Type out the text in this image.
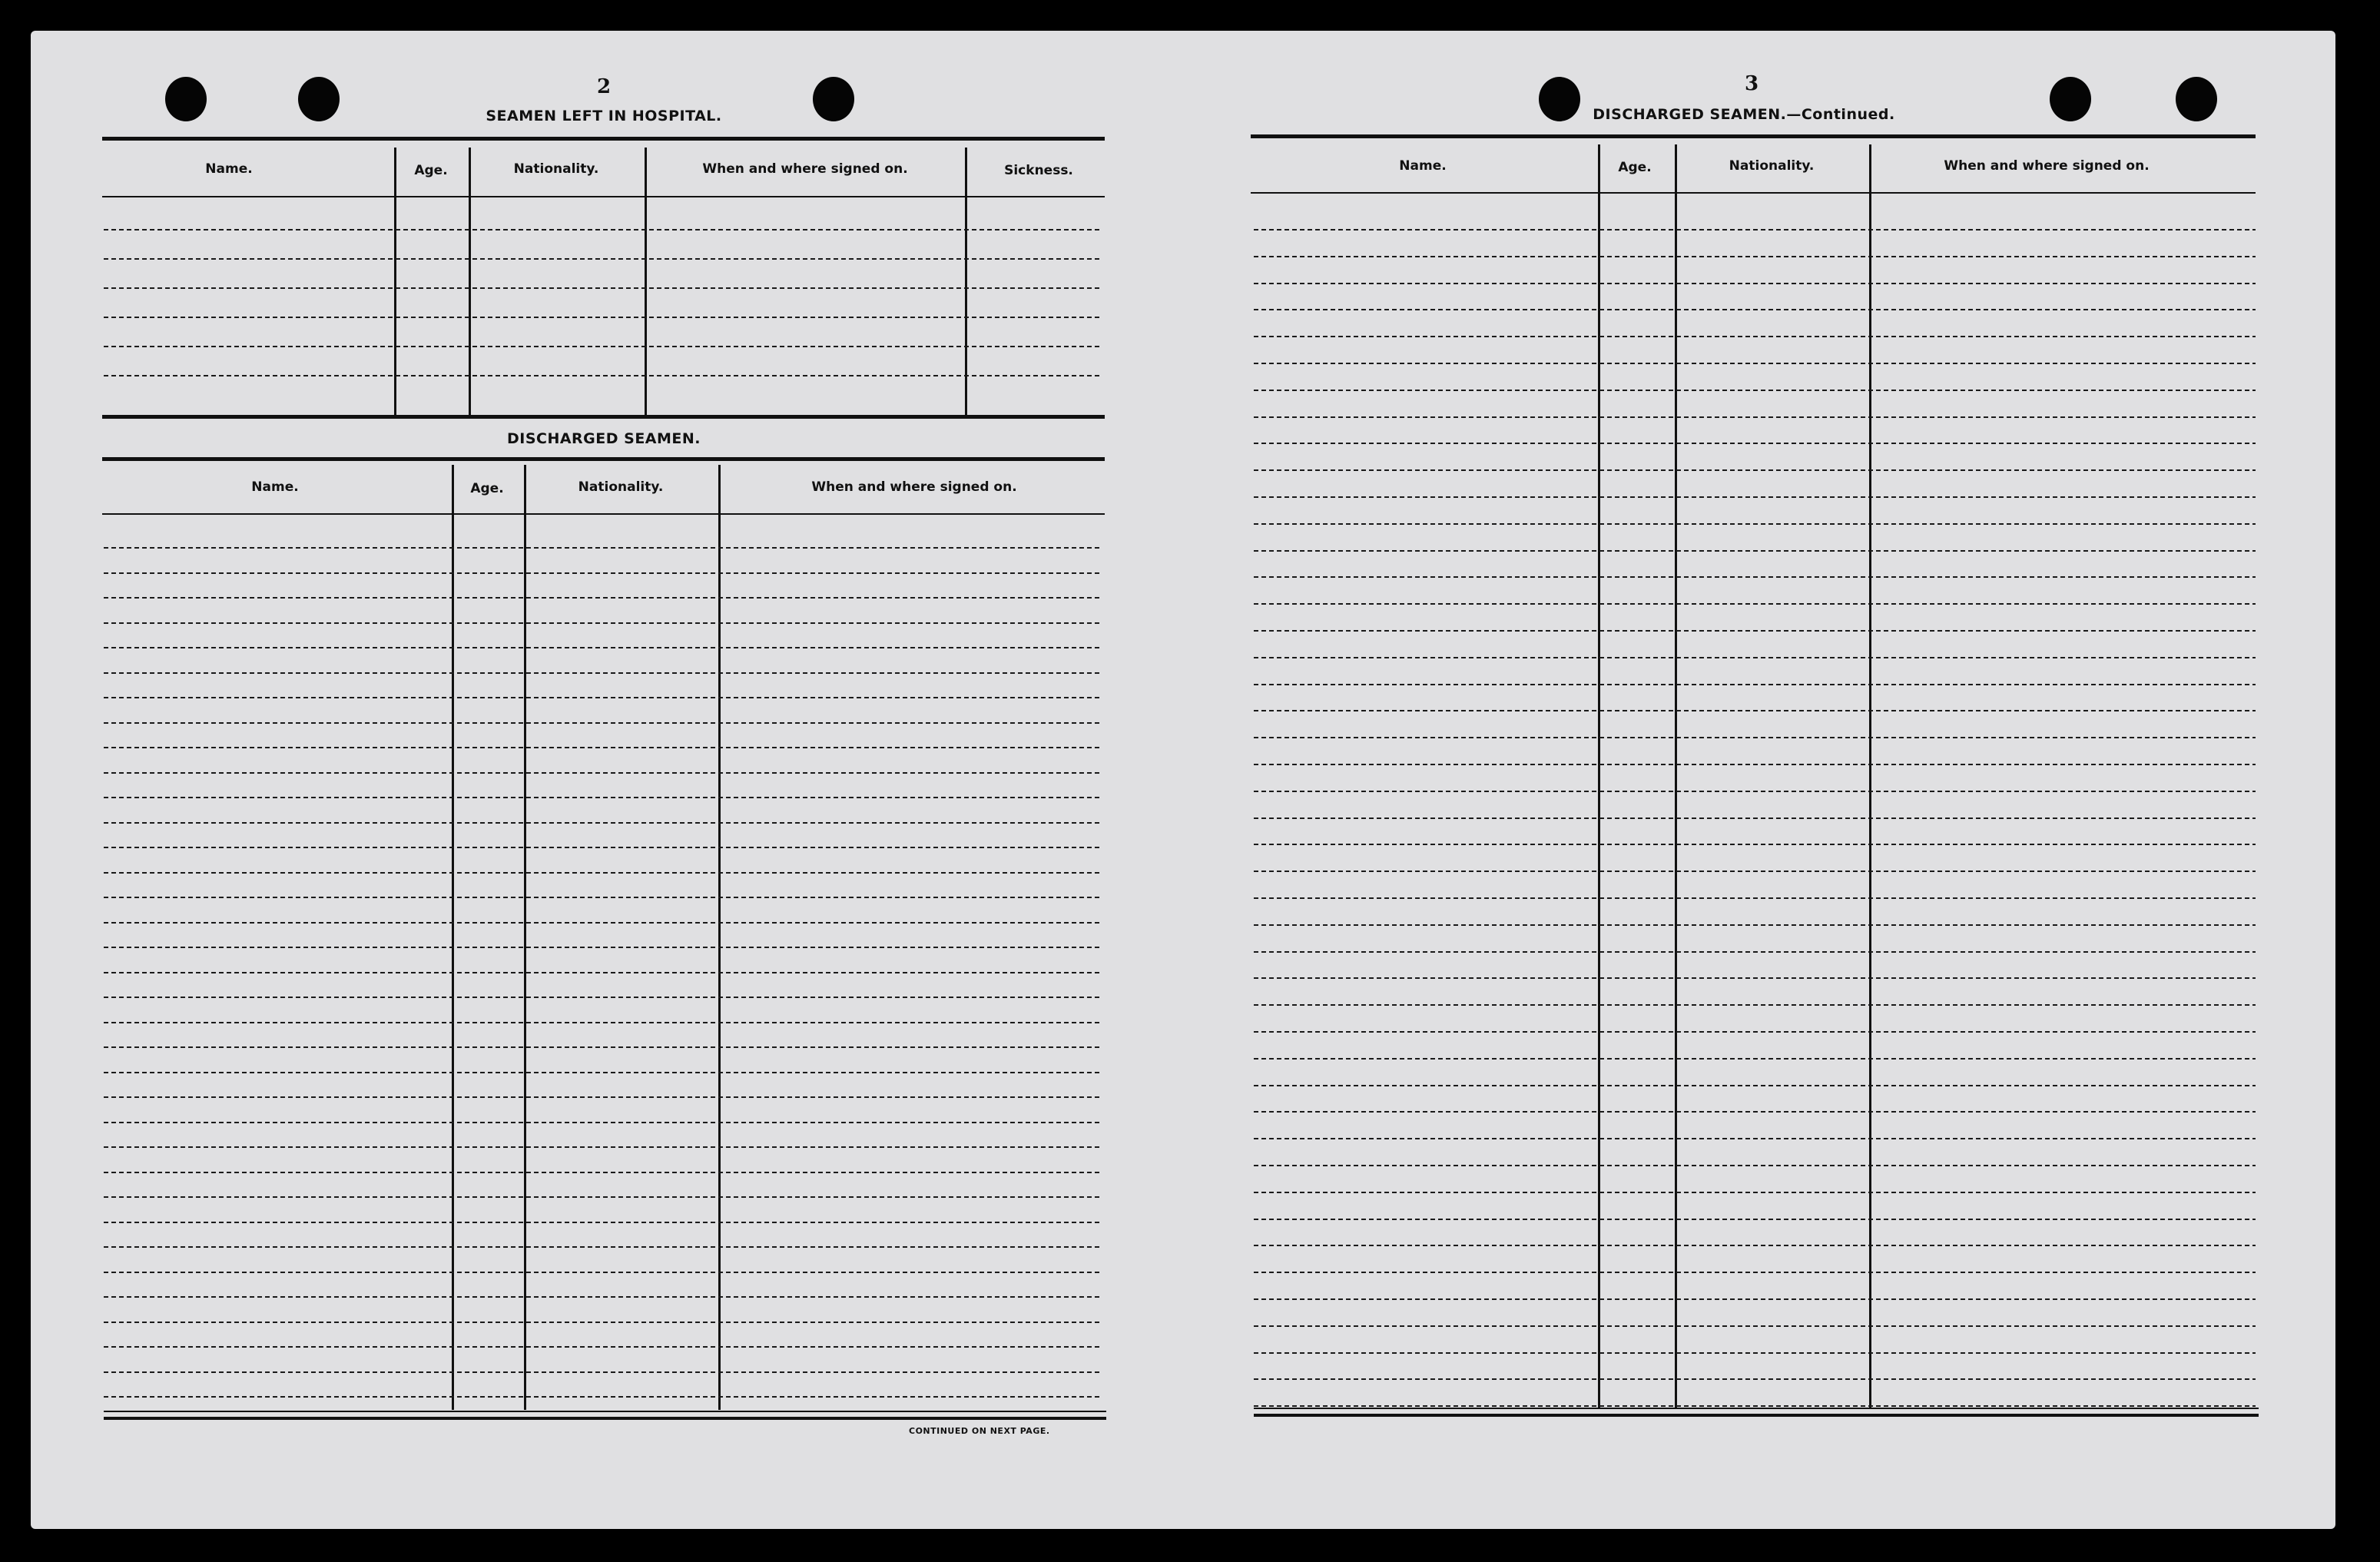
2
SEAMEN LEFT IN HOSPITAL.
Name.	Age.	Nationality.	When and where signed on.	Sickness.
DISCHARGED SEAMEN.
Name.	Age.	Nationality.	When and where signed on.
CONTINUED ON NEXT PAGE.
3
DISCHARGED SEAMEN.—Continued.
Name.	Age.	Nationality.	When and where signed on.
